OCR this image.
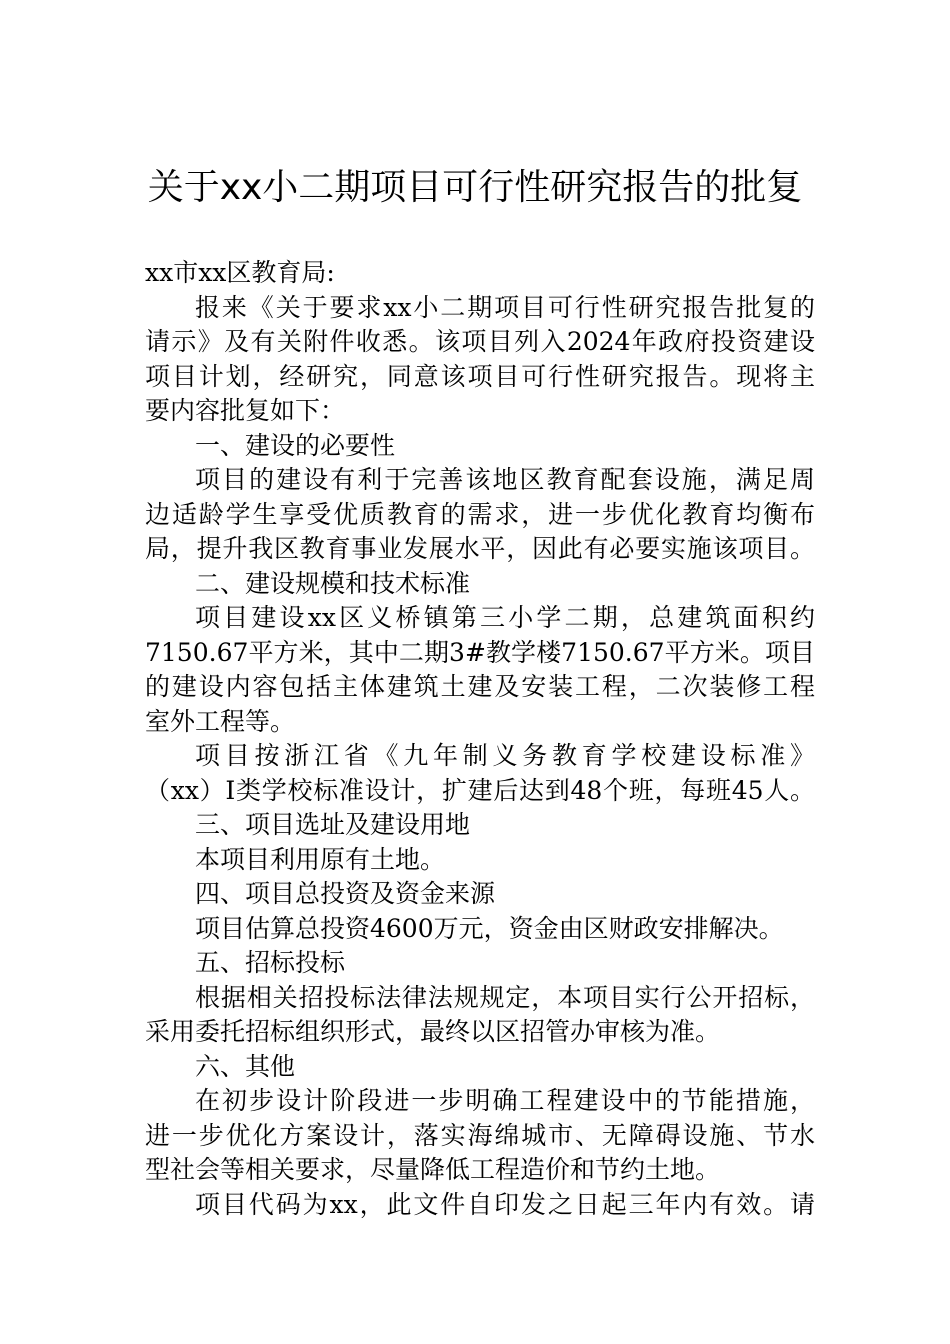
关于xx小二期项目可行性研究报告的批复
xx市xx区教育局:
报来《关于要求xx小二期项目可行性研究报告批复的
请示》及有关附件收悉。该项目列入2024年政府投资建设
项目计划，经研究，同意该项目可行性研究报告。现将主
要内容批复如下：
一、建设的必要性
项目的建设有利于完善该地区教育配套设施，满足周
边适龄学生享受优质教育的需求，进一步优化教育均衡布
局，提升我区教育事业发展水平，因此有必要实施该项目。
二、建设规模和技术标准
项目建设xx区义桥镇第三小学二期，总建筑面积约
7150.67平方米，其中二期3#教学楼7150.67平方米。项目
的建设内容包括主体建筑土建及安装工程，二次装修工程
室外工程等。
项目按浙江省《九年制义务教育学校建设标准》
（xx）I类学校标准设计，扩建后达到48个班，每班45人。
三、项目选址及建设用地
本项目利用原有土地。
四、项目总投资及资金来源
项目估算总投资4600万元，资金由区财政安排解决。
五、招标投标
根据相关招投标法律法规规定，本项目实行公开招标，
采用委托招标组织形式，最终以区招管办审核为准。
六、其他
在初步设计阶段进一步明确工程建设中的节能措施，
进一步优化方案设计，落实海绵城市、无障碍设施、节水
型社会等相关要求，尽量降低工程造价和节约土地。
项目代码为xx，此文件自印发之日起三年内有效。请
